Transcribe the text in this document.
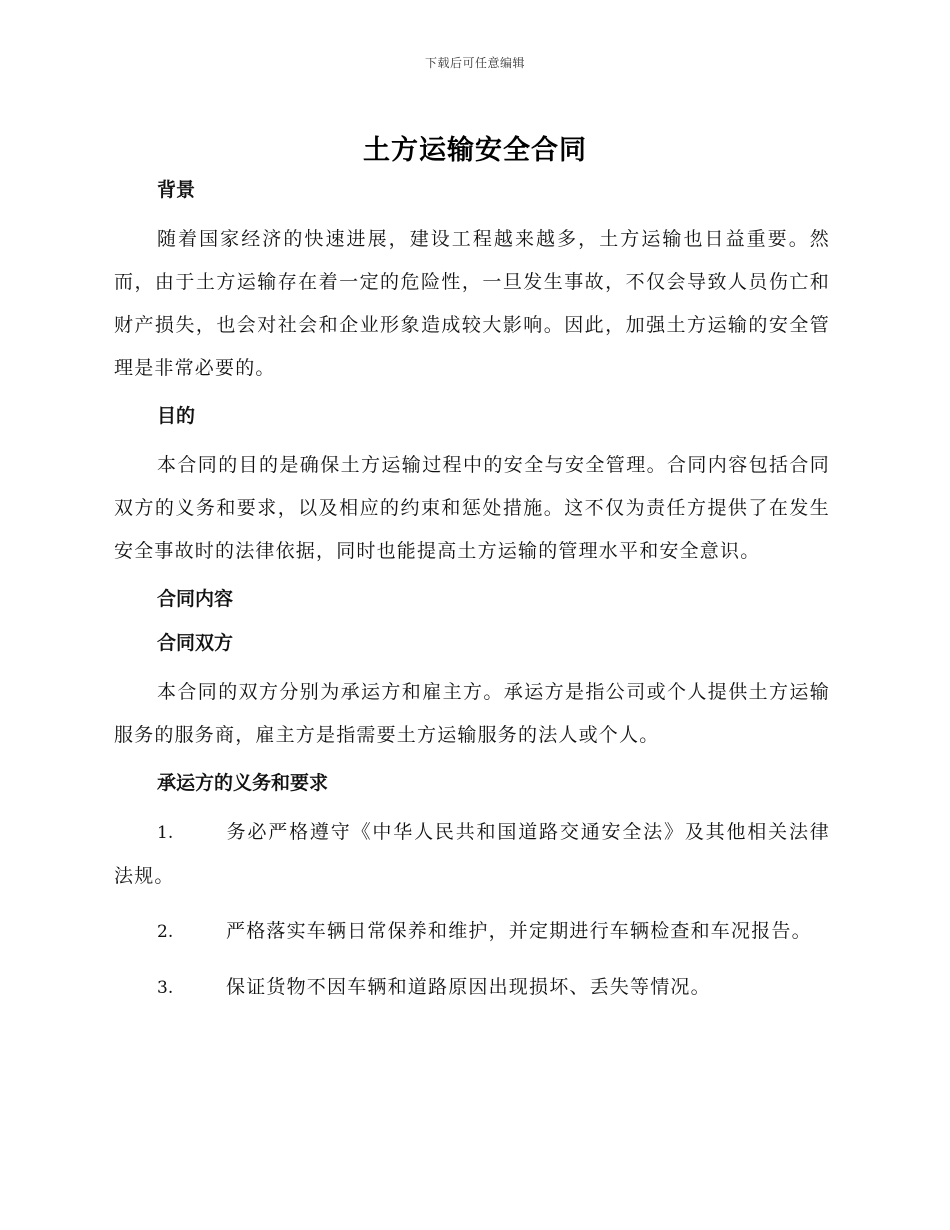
下载后可任意编辑
土方运输安全合同

背景

随着国家经济的快速进展，建设工程越来越多，土方运输也日益重要。然而，由于土方运输存在着一定的危险性，一旦发生事故，不仅会导致人员伤亡和财产损失，也会对社会和企业形象造成较大影响。因此，加强土方运输的安全管理是非常必要的。

目的

本合同的目的是确保土方运输过程中的安全与安全管理。合同内容包括合同双方的义务和要求，以及相应的约束和惩处措施。这不仅为责任方提供了在发生安全事故时的法律依据，同时也能提高土方运输的管理水平和安全意识。

合同内容

合同双方

本合同的双方分别为承运方和雇主方。承运方是指公司或个人提供土方运输服务的服务商，雇主方是指需要土方运输服务的法人或个人。

承运方的义务和要求

1.	务必严格遵守《中华人民共和国道路交通安全法》及其他相关法律法规。

2.	严格落实车辆日常保养和维护，并定期进行车辆检查和车况报告。

3.	保证货物不因车辆和道路原因出现损坏、丢失等情况。
